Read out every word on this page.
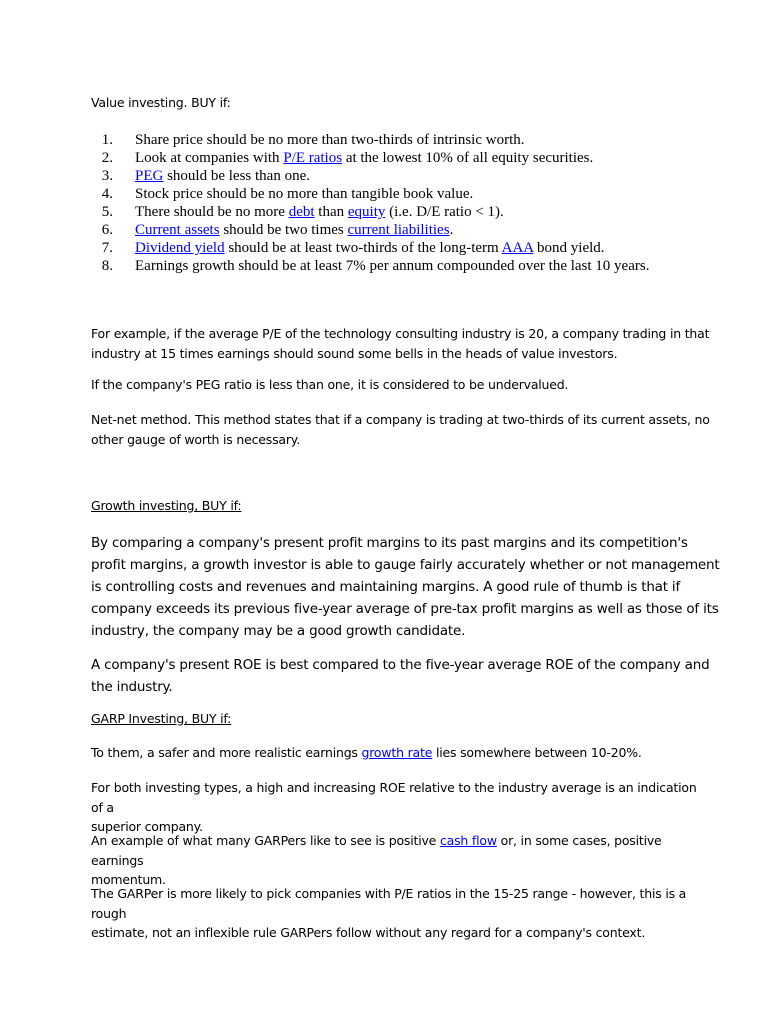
Value investing. BUY if:
1. Share price should be no more than two-thirds of intrinsic worth.
2. Look at companies with P/E ratios at the lowest 10% of all equity securities.
3. PEG should be less than one.
4. Stock price should be no more than tangible book value.
5. There should be no more debt than equity (i.e. D/E ratio < 1).
6. Current assets should be two times current liabilities.
7. Dividend yield should be at least two-thirds of the long-term AAA bond yield.
8. Earnings growth should be at least 7% per annum compounded over the last 10 years.
For example, if the average P/E of the technology consulting industry is 20, a company trading in that
industry at 15 times earnings should sound some bells in the heads of value investors.
If the company's PEG ratio is less than one, it is considered to be undervalued.
Net-net method. This method states that if a company is trading at two-thirds of its current assets, no
other gauge of worth is necessary.
Growth investing, BUY if:
By comparing a company's present profit margins to its past margins and its competition's
profit margins, a growth investor is able to gauge fairly accurately whether or not management
is controlling costs and revenues and maintaining margins. A good rule of thumb is that if
company exceeds its previous five-year average of pre-tax profit margins as well as those of its
industry, the company may be a good growth candidate.
A company's present ROE is best compared to the five-year average ROE of the company and
the industry.
GARP Investing, BUY if:
To them, a safer and more realistic earnings growth rate lies somewhere between 10-20%.
For both investing types, a high and increasing ROE relative to the industry average is an indication of a
superior company.
An example of what many GARPers like to see is positive cash flow or, in some cases, positive earnings
momentum.
The GARPer is more likely to pick companies with P/E ratios in the 15-25 range - however, this is a rough
estimate, not an inflexible rule GARPers follow without any regard for a company's context.
